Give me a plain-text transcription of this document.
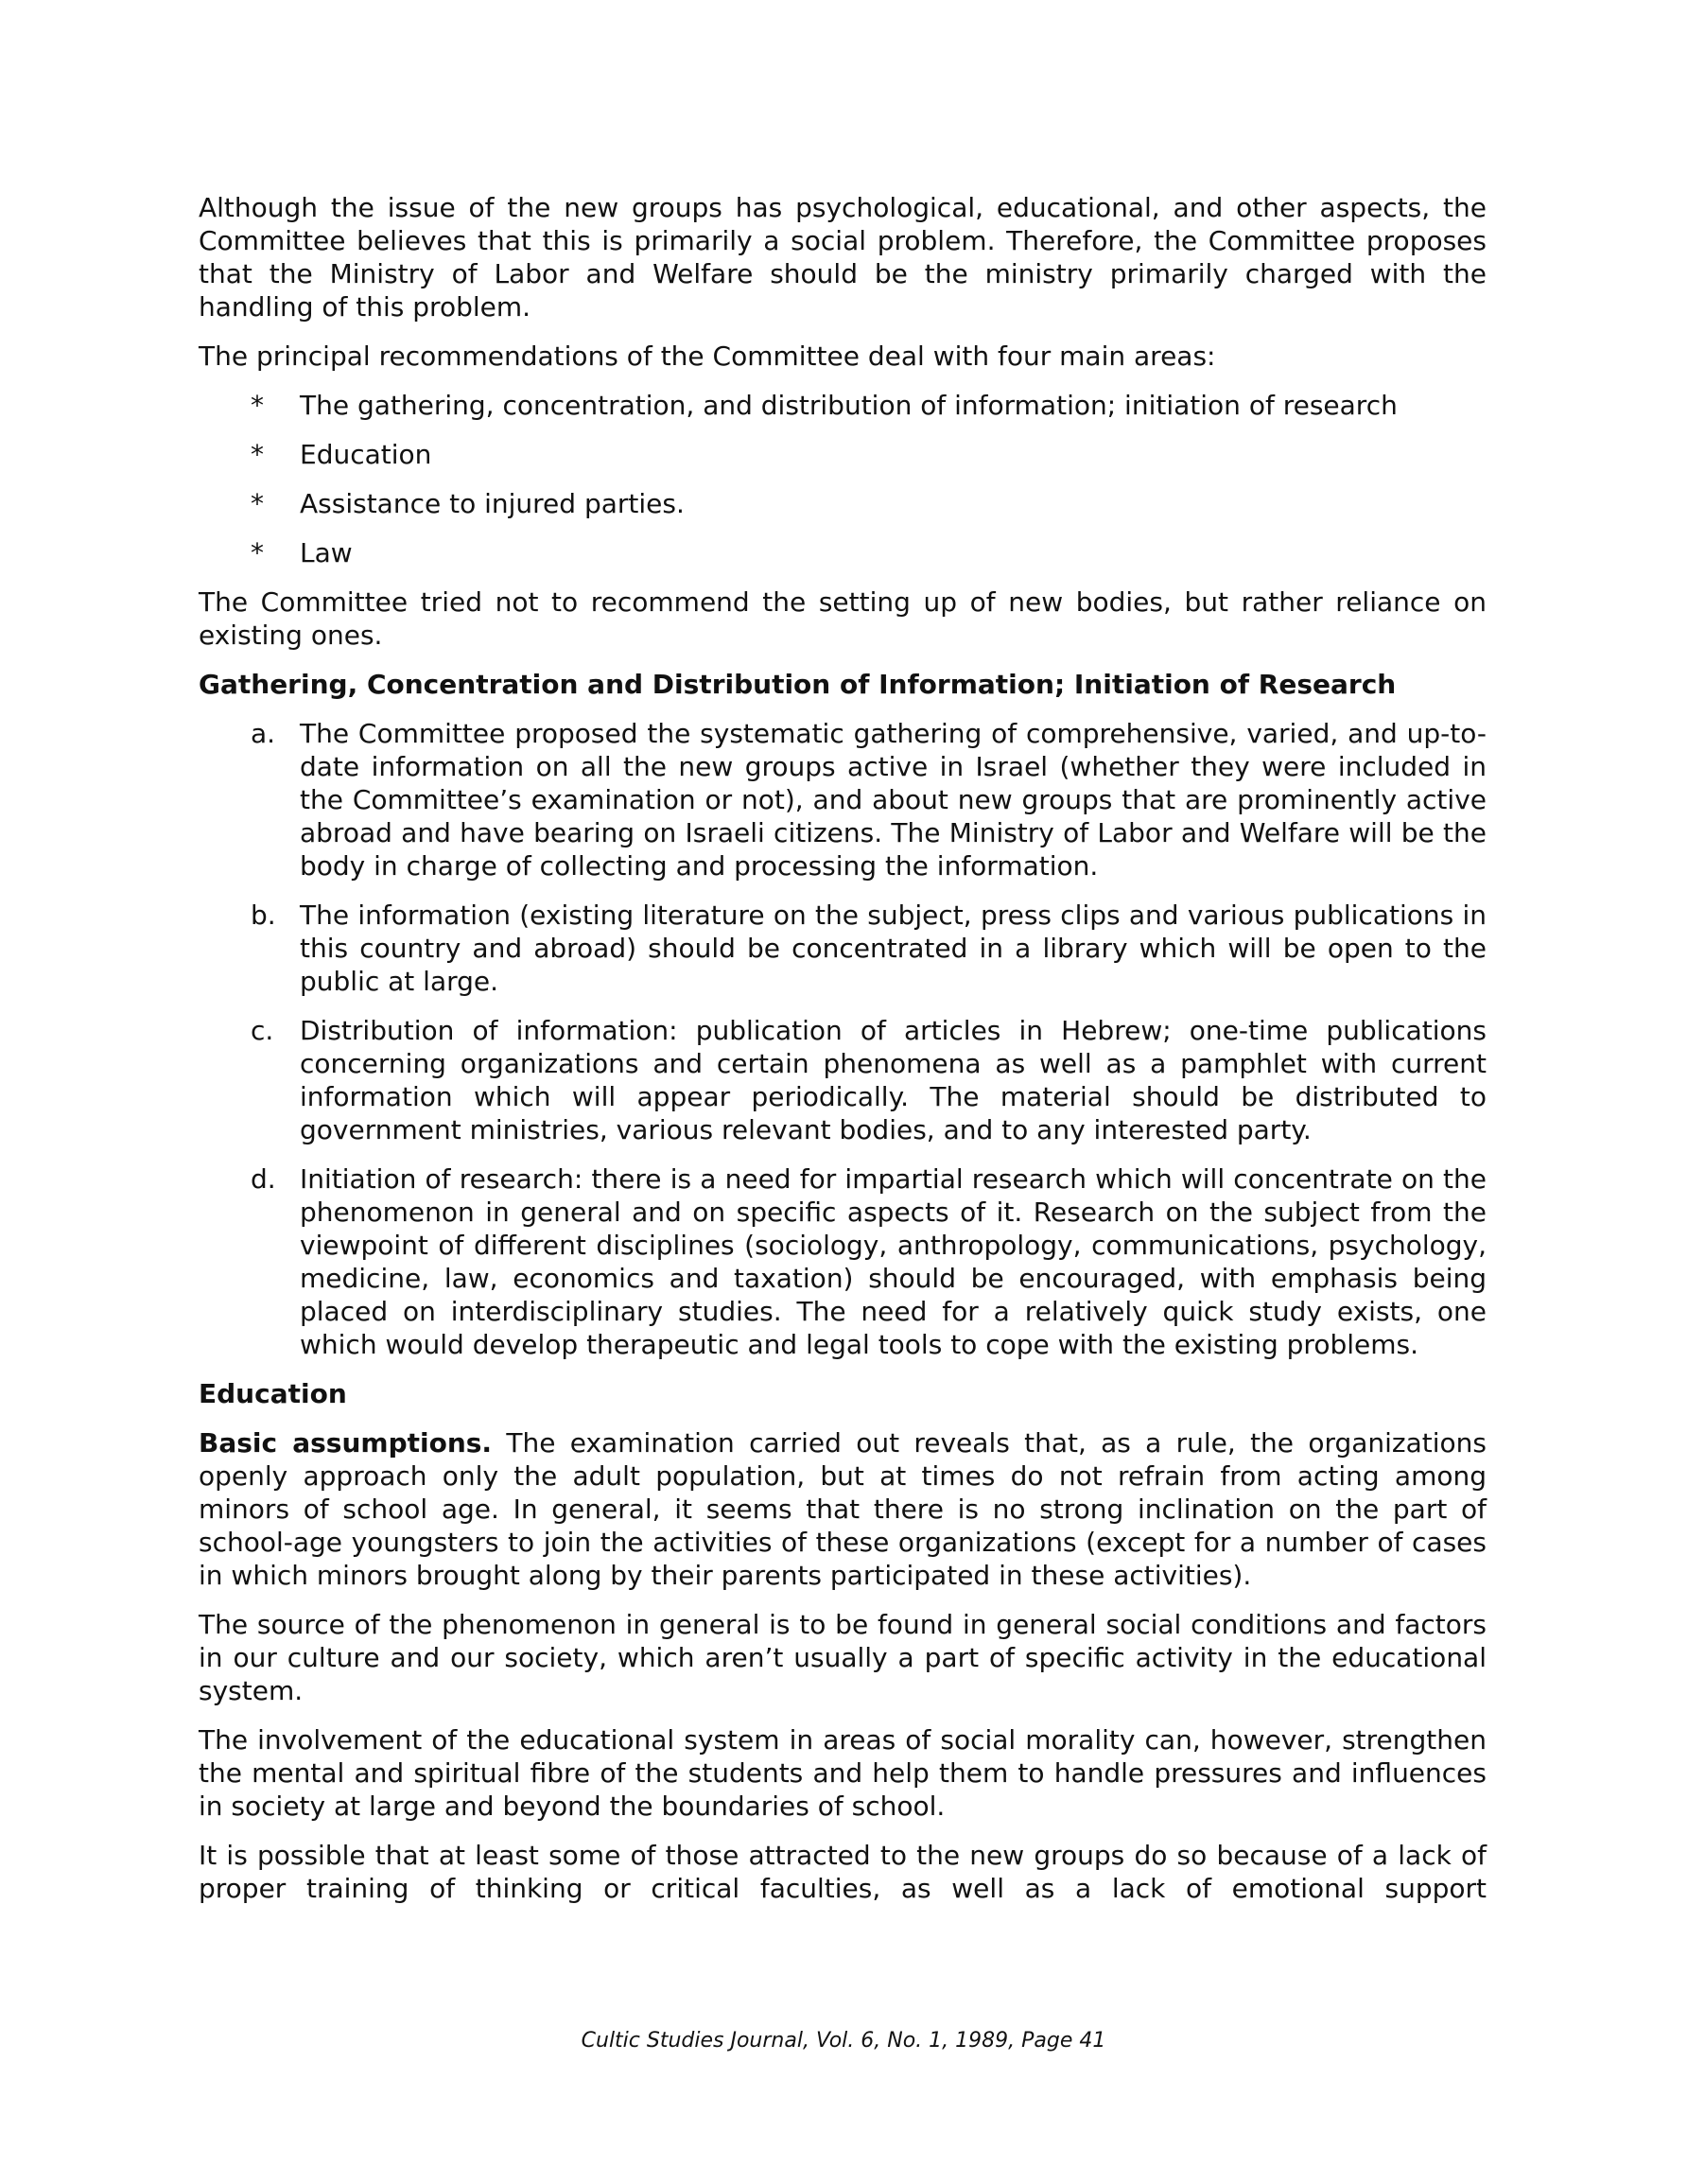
Although the issue of the new groups has psychological, educational, and other aspects, the Committee believes that this is primarily a social problem. Therefore, the Committee proposes that the Ministry of Labor and Welfare should be the ministry primarily charged with the handling of this problem.

The principal recommendations of the Committee deal with four main areas:

* The gathering, concentration, and distribution of information; initiation of research
* Education
* Assistance to injured parties.
* Law

The Committee tried not to recommend the setting up of new bodies, but rather reliance on existing ones.

Gathering, Concentration and Distribution of Information; Initiation of Research
a. The Committee proposed the systematic gathering of comprehensive, varied, and up-to-date information on all the new groups active in Israel (whether they were included in the Committee’s examination or not), and about new groups that are prominently active abroad and have bearing on Israeli citizens. The Ministry of Labor and Welfare will be the body in charge of collecting and processing the information.
b. The information (existing literature on the subject, press clips and various publications in this country and abroad) should be concentrated in a library which will be open to the public at large.
c. Distribution of information: publication of articles in Hebrew; one-time publications concerning organizations and certain phenomena as well as a pamphlet with current information which will appear periodically. The material should be distributed to government ministries, various relevant bodies, and to any interested party.
d. Initiation of research: there is a need for impartial research which will concentrate on the phenomenon in general and on specific aspects of it. Research on the subject from the viewpoint of different disciplines (sociology, anthropology, communications, psychology, medicine, law, economics and taxation) should be encouraged, with emphasis being placed on interdisciplinary studies. The need for a relatively quick study exists, one which would develop therapeutic and legal tools to cope with the existing problems.
Education

Basic assumptions. The examination carried out reveals that, as a rule, the organizations openly approach only the adult population, but at times do not refrain from acting among minors of school age. In general, it seems that there is no strong inclination on the part of school-age youngsters to join the activities of these organizations (except for a number of cases in which minors brought along by their parents participated in these activities).

The source of the phenomenon in general is to be found in general social conditions and factors in our culture and our society, which aren’t usually a part of specific activity in the educational system.

The involvement of the educational system in areas of social morality can, however, strengthen the mental and spiritual fibre of the students and help them to handle pressures and influences in society at large and beyond the boundaries of school.

It is possible that at least some of those attracted to the new groups do so because of a lack of proper training of thinking or critical faculties, as well as a lack of emotional support

Cultic Studies Journal, Vol. 6, No. 1, 1989, Page 41
